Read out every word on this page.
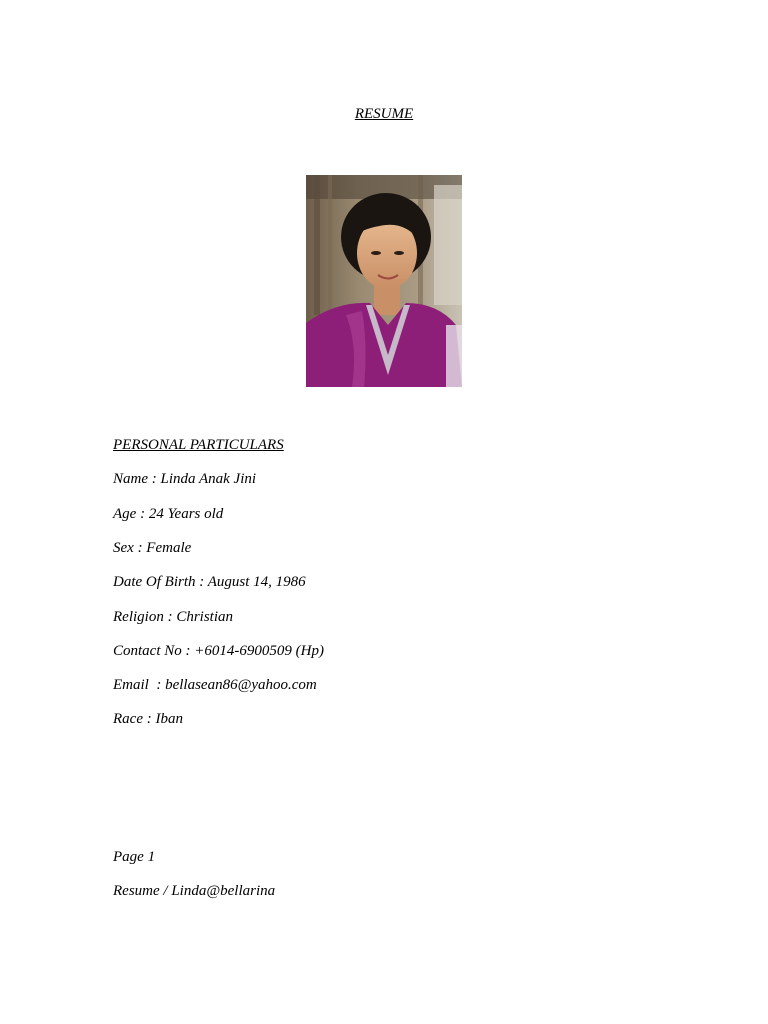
RESUME
PERSONAL PARTICULARS
Name : Linda Anak Jini
Age : 24 Years old
Sex : Female
Date Of Birth : August 14, 1986
Religion : Christian
Contact No : +6014-6900509 (Hp)
Email  : bellasean86@yahoo.com
Race : Iban
Page 1
Resume / Linda@bellarina
